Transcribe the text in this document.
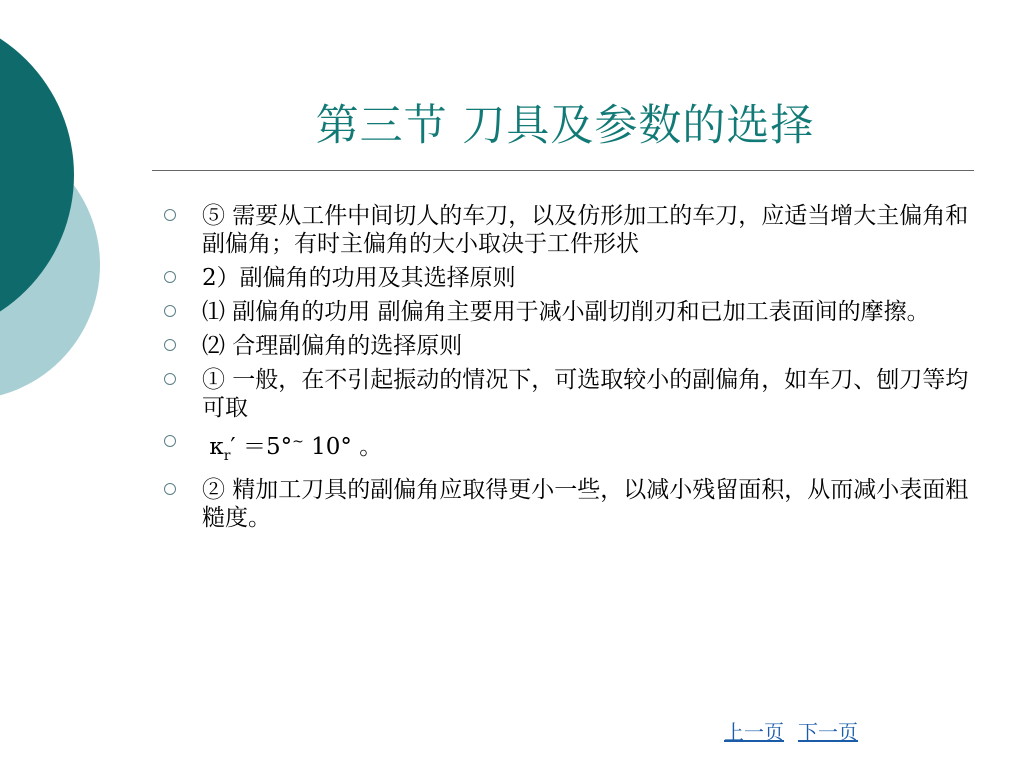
第三节 刀具及参数的选择
⑤ 需要从工件中间切人的车刀，以及仿形加工的车刀，应适当增大主偏角和副偏角；有时主偏角的大小取决于工件形状
2）副偏角的功用及其选择原则
⑴ 副偏角的功用 副偏角主要用于减小副切削刃和已加工表面间的摩擦。
⑵ 合理副偏角的选择原则
① 一般，在不引起振动的情况下，可选取较小的副偏角，如车刀、刨刀等均可取
$\kappa_r' =5^\circ^\sim$ 10° 。
② 精加工刀具的副偏角应取得更小一些，以减小残留面积，从而减小表面粗糙度。
上一页 下一页
